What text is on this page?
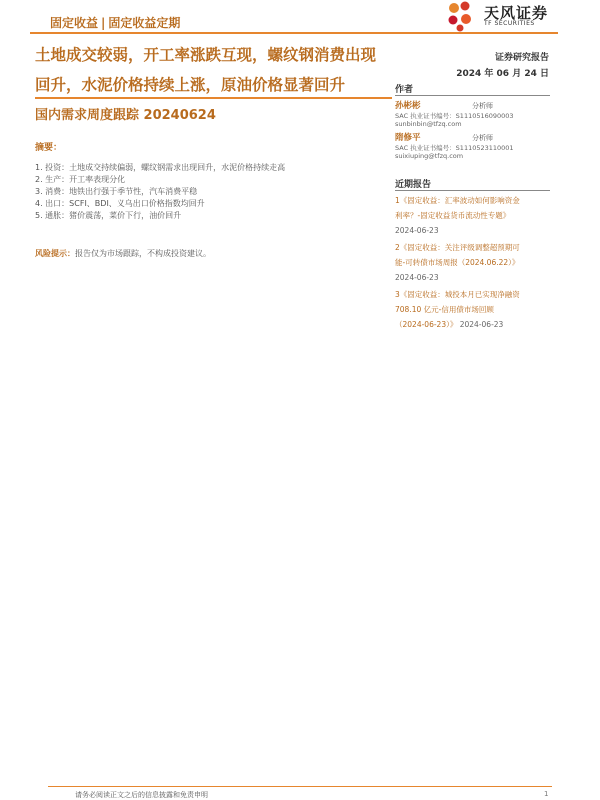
固定收益 | 固定收益定期
天风证券
TF SECURITIES
土地成交较弱，开工率涨跌互现，螺纹钢消费出现
回升，水泥价格持续上涨，原油价格显著回升
国内需求周度跟踪 20240624
证券研究报告
2024 年 06 月 24 日
作者
孙彬彬	分析师
SAC 执业证书编号：S1110516090003
sunbinbin@tfzq.com
隋修平	分析师
SAC 执业证书编号：S1110523110001
suixiuping@tfzq.com
近期报告
1《固定收益：汇率波动如何影响资金
利率？-固定收益货币流动性专题》
2024-06-23
2《固定收益：关注评级调整超预期可
能-可转债市场周报（2024.06.22）》
2024-06-23
3《固定收益：城投本月已实现净融资
708.10 亿元-信用债市场回顾
（2024-06-23）》 2024-06-23
摘要：
1. 投资：土地成交持续偏弱，螺纹钢需求出现回升，水泥价格持续走高
2. 生产：开工率表现分化
3. 消费：地铁出行强于季节性，汽车消费平稳
4. 出口：SCFI、BDI、义乌出口价格指数均回升
5. 通胀：猪价震荡，菜价下行，油价回升
风险提示：报告仅为市场跟踪，不构成投资建议。
请务必阅读正文之后的信息披露和免责申明	1
